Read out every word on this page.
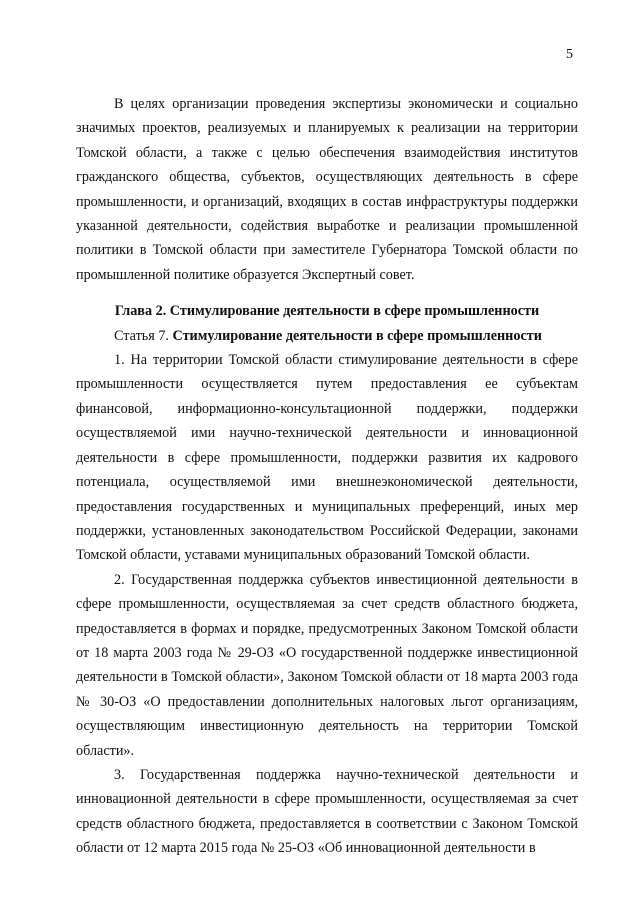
5

В целях организации проведения экспертизы экономически и социально значимых проектов, реализуемых и планируемых к реализации на территории Томской области, а также с целью обеспечения взаимодействия институтов гражданского общества, субъектов, осуществляющих деятельность в сфере промышленности, и организаций, входящих в состав инфраструктуры поддержки указанной деятельности, содействия выработке и реализации промышленной политики в Томской области при заместителе Губернатора Томской области по промышленной политике образуется Экспертный совет.

Глава 2. Стимулирование деятельности в сфере промышленности

Статья 7. Стимулирование деятельности в сфере промышленности

1. На территории Томской области стимулирование деятельности в сфере промышленности осуществляется путем предоставления ее субъектам финансовой, информационно-консультационной поддержки, поддержки осуществляемой ими научно-технической деятельности и инновационной деятельности в сфере промышленности, поддержки развития их кадрового потенциала, осуществляемой ими внешнеэкономической деятельности, предоставления государственных и муниципальных преференций, иных мер поддержки, установленных законодательством Российской Федерации, законами Томской области, уставами муниципальных образований Томской области.

2. Государственная поддержка субъектов инвестиционной деятельности в сфере промышленности, осуществляемая за счет средств областного бюджета, предоставляется в формах и порядке, предусмотренных Законом Томской области от 18 марта 2003 года № 29-ОЗ «О государственной поддержке инвестиционной деятельности в Томской области», Законом Томской области от 18 марта 2003 года № 30-ОЗ «О предоставлении дополнительных налоговых льгот организациям, осуществляющим инвестиционную деятельность на территории Томской области».

3. Государственная поддержка научно-технической деятельности и инновационной деятельности в сфере промышленности, осуществляемая за счет средств областного бюджета, предоставляется в соответствии с Законом Томской области от 12 марта 2015 года № 25-ОЗ «Об инновационной деятельности в
